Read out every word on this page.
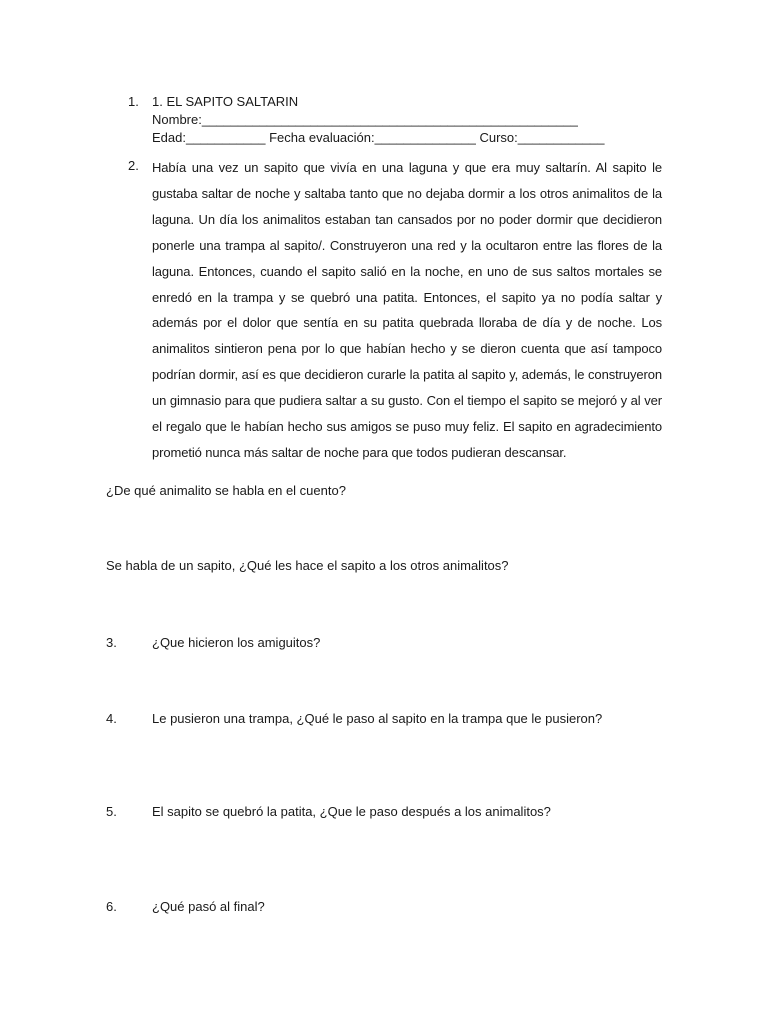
1. 1. EL SAPITO SALTARIN
Nombre:____________________________________________________
Edad:___________ Fecha evaluación:______________ Curso:____________
2. Había una vez un sapito que vivía en una laguna y que era muy saltarín. Al sapito le gustaba saltar de noche y saltaba tanto que no dejaba dormir a los otros animalitos de la laguna. Un día los animalitos estaban tan cansados por no poder dormir que decidieron ponerle una trampa al sapito/. Construyeron una red y la ocultaron entre las flores de la laguna. Entonces, cuando el sapito salió en la noche, en uno de sus saltos mortales se enredó en la trampa y se quebró una patita. Entonces, el sapito ya no podía saltar y además por el dolor que sentía en su patita quebrada lloraba de día y de noche. Los animalitos sintieron pena por lo que habían hecho y se dieron cuenta que así tampoco podrían dormir, así es que decidieron curarle la patita al sapito y, además, le construyeron un gimnasio para que pudiera saltar a su gusto. Con el tiempo el sapito se mejoró y al ver el regalo que le habían hecho sus amigos se puso muy feliz. El sapito en agradecimiento prometió nunca más saltar de noche para que todos pudieran descansar.
¿De qué animalito se habla en el cuento?
Se habla de un sapito, ¿Qué les hace el sapito a los otros animalitos?
3.	¿Que hicieron los amiguitos?
4.	Le pusieron una trampa, ¿Qué le paso al sapito en la trampa que le pusieron?
5.	El sapito se quebró la patita, ¿Que le paso después a los animalitos?
6.	¿Qué pasó al final?
